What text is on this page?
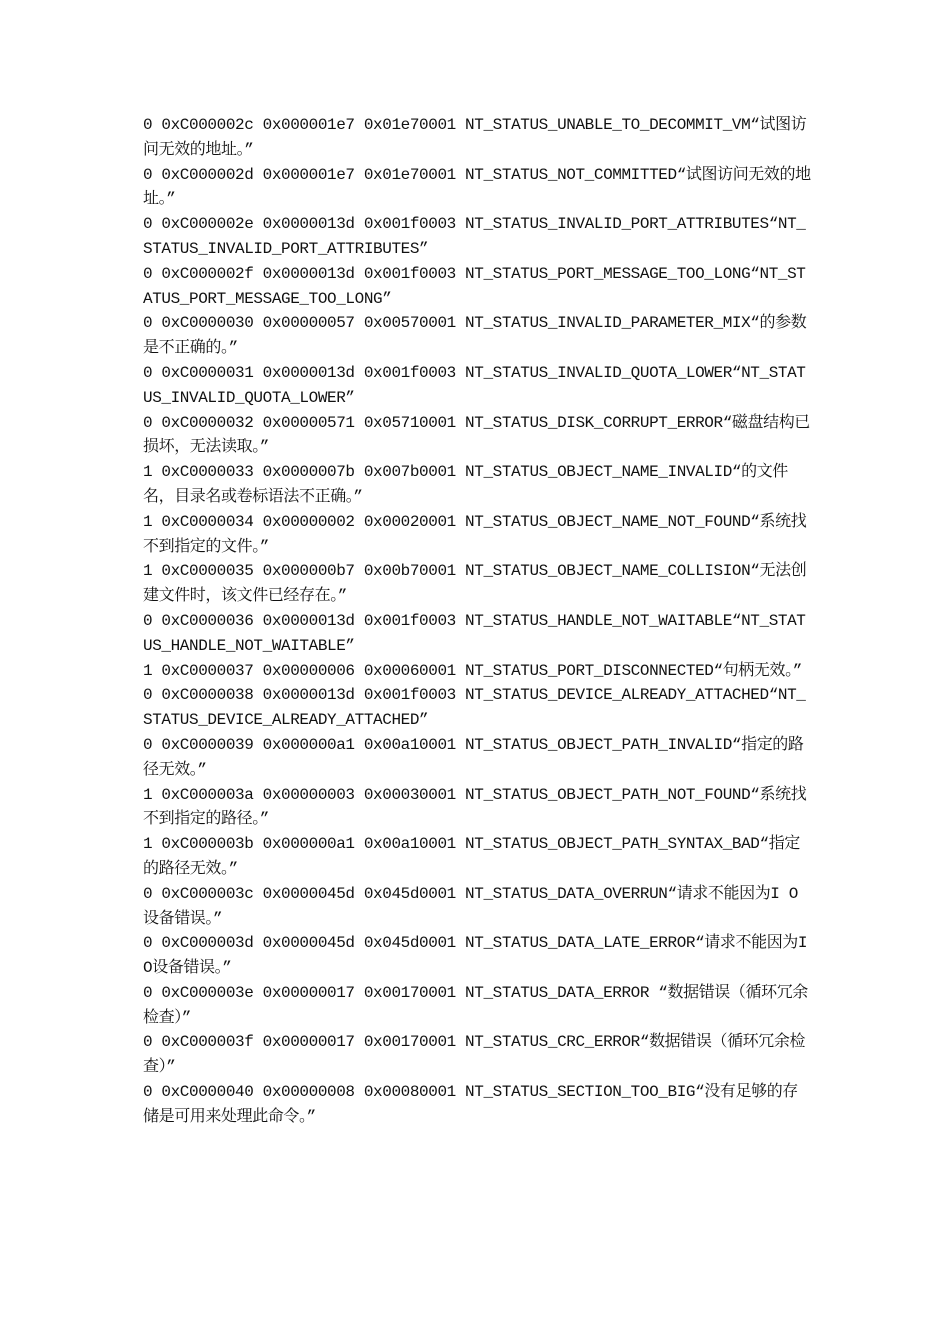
0 0xC000002c 0x000001e7 0x01e70001 NT_STATUS_UNABLE_TO_DECOMMIT_VM“试图访问无效的地址。”

0 0xC000002d 0x000001e7 0x01e70001 NT_STATUS_NOT_COMMITTED“试图访问无效的地址。”

0 0xC000002e 0x0000013d 0x001f0003 NT_STATUS_INVALID_PORT_ATTRIBUTES“NT_STATUS_INVALID_PORT_ATTRIBUTES”

0 0xC000002f 0x0000013d 0x001f0003 NT_STATUS_PORT_MESSAGE_TOO_LONG“NT_STATUS_PORT_MESSAGE_TOO_LONG”

0 0xC0000030 0x00000057 0x00570001 NT_STATUS_INVALID_PARAMETER_MIX“的参数是不正确的。”

0 0xC0000031 0x0000013d 0x001f0003 NT_STATUS_INVALID_QUOTA_LOWER“NT_STATUS_INVALID_QUOTA_LOWER”

0 0xC0000032 0x00000571 0x05710001 NT_STATUS_DISK_CORRUPT_ERROR“磁盘结构已损坏，无法读取。”

1 0xC0000033 0x0000007b 0x007b0001 NT_STATUS_OBJECT_NAME_INVALID“的文件名，目录名或卷标语法不正确。”

1 0xC0000034 0x00000002 0x00020001 NT_STATUS_OBJECT_NAME_NOT_FOUND“系统找不到指定的文件。”

1 0xC0000035 0x000000b7 0x00b70001 NT_STATUS_OBJECT_NAME_COLLISION“无法创建文件时，该文件已经存在。”

0 0xC0000036 0x0000013d 0x001f0003 NT_STATUS_HANDLE_NOT_WAITABLE“NT_STATUS_HANDLE_NOT_WAITABLE”

1 0xC0000037 0x00000006 0x00060001 NT_STATUS_PORT_DISCONNECTED“句柄无效。”

0 0xC0000038 0x0000013d 0x001f0003 NT_STATUS_DEVICE_ALREADY_ATTACHED“NT_STATUS_DEVICE_ALREADY_ATTACHED”

0 0xC0000039 0x000000a1 0x00a10001 NT_STATUS_OBJECT_PATH_INVALID“指定的路径无效。”

1 0xC000003a 0x00000003 0x00030001 NT_STATUS_OBJECT_PATH_NOT_FOUND“系统找不到指定的路径。”

1 0xC000003b 0x000000a1 0x00a10001 NT_STATUS_OBJECT_PATH_SYNTAX_BAD“指定的路径无效。”

0 0xC000003c 0x0000045d 0x045d0001 NT_STATUS_DATA_OVERRUN“请求不能因为I O设备错误。”

0 0xC000003d 0x0000045d 0x045d0001 NT_STATUS_DATA_LATE_ERROR“请求不能因为I O设备错误。”

0 0xC000003e 0x00000017 0x00170001 NT_STATUS_DATA_ERROR “数据错误（循环冗余检查）”

0 0xC000003f 0x00000017 0x00170001 NT_STATUS_CRC_ERROR“数据错误（循环冗余检查）”

0 0xC0000040 0x00000008 0x00080001 NT_STATUS_SECTION_TOO_BIG“没有足够的存储是可用来处理此命令。”
